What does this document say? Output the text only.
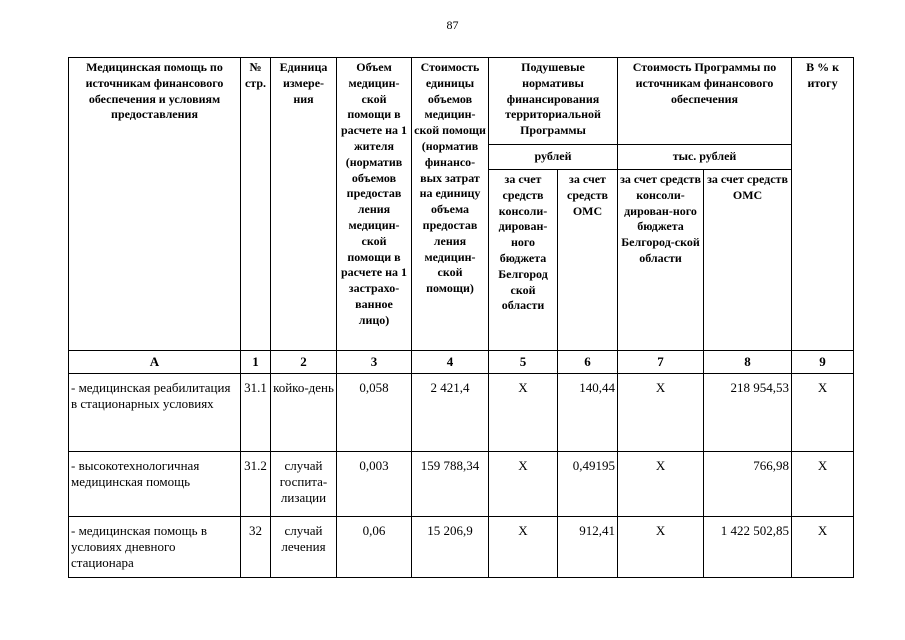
87
Медицинская помощь по источникам финансового обеспечения и условиям предоставления	№ стр.	Единица измере-ния	Объем медицин-ской помощи в расчете на 1 жителя (норматив объемов предостав ления медицин-ской помощи в расчете на 1 застрахо-ванное лицо)	Стоимость единицы объемов медицин-ской помощи (норматив финансо-вых затрат на единицу объема предостав ления медицин-ской помощи)	Подушевые нормативы финансирования территориальной Программы		Стоимость Программы по источникам финансового обеспечения		В % к итогу
					рублей		тыс. рублей		
					за счет средств консоли-дирован-ного бюджета Белгород ской области	за счет средств ОМС	за счет средств консоли-дирован-ного бюджета Белгород-ской области	за счет средств ОМС	
А	1	2	3	4	5	6	7	8	9
- медицинская реабилитация в стационарных условиях	31.1	койко-день	0,058	2 421,4	Х	140,44	Х	218 954,53	Х
- высокотехнологичная медицинская помощь	31.2	случай госпита-лизации	0,003	159 788,34	Х	0,49195	Х	766,98	Х
- медицинская помощь в условиях дневного стационара	32	случай лечения	0,06	15 206,9	Х	912,41	Х	1 422 502,85	Х
